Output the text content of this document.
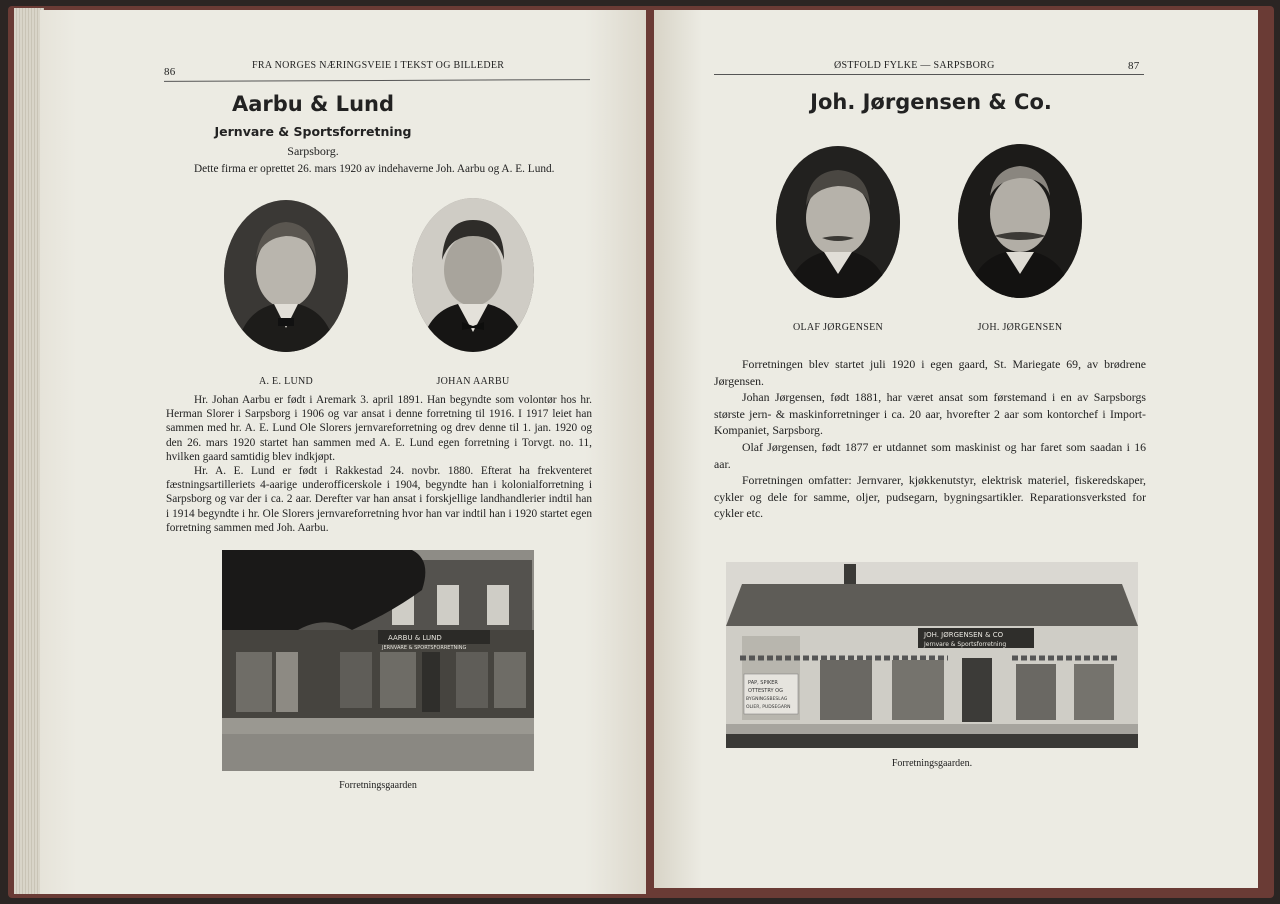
86
FRA NORGES NÆRINGSVEIE I TEKST OG BILLEDER
Aarbu & Lund
Jernvare & Sportsforretning
Sarpsborg.

Dette firma er oprettet 26. mars 1920 av indehaverne Joh. Aarbu og A. E. Lund.

A. E. LUND	JOHAN AARBU

Hr. Johan Aarbu er født i Aremark 3. april 1891. Han begyndte som volontør hos hr. Herman Slorer i Sarpsborg i 1906 og var ansat i denne forretning til 1916. I 1917 leiet han sammen med hr. A. E. Lund Ole Slorers jernvareforretning og drev denne til 1. jan. 1920 og den 26. mars 1920 startet han sammen med A. E. Lund egen forretning i Torvgt. no. 11, hvilken gaard samtidig blev indkjøpt.

Hr. A. E. Lund er født i Rakkestad 24. novbr. 1880. Efterat ha frekventeret fæstningsartilleriets 4-aarige underofficerskole i 1904, begyndte han i kolonialforretning i Sarpsborg og var der i ca. 2 aar. Derefter var han ansat i forskjellige landhandlerier indtil han i 1914 begyndte i hr. Ole Slorers jernvareforretning hvor han var indtil han i 1920 startet egen forretning sammen med Joh. Aarbu.

AARBU & LUND
JERNVARE & SPORTSFORRETNING
Forretningsgaarden
ØSTFOLD FYLKE — SARPSBORG	87
Joh. Jørgensen & Co.
OLAF JØRGENSEN	JOH. JØRGENSEN

Forretningen blev startet juli 1920 i egen gaard, St. Mariegate 69, av brødrene Jørgensen.

Johan Jørgensen, født 1881, har været ansat som førstemand i en av Sarpsborgs største jern- & maskinforretninger i ca. 20 aar, hvorefter 2 aar som kontorchef i Import-Kompaniet, Sarpsborg.

Olaf Jørgensen, født 1877 er utdannet som maskinist og har faret som saadan i 16 aar.

Forretningen omfatter: Jernvarer, kjøkkenutstyr, elektrisk materiel, fiskeredskaper, cykler og dele for samme, oljer, pudsegarn, bygningsartikler. Reparationsverksted for cykler etc.

JOH. JØRGENSEN & CO
Jernvare & Sportsforretning
PAP, SPIKER
OTTESTRY OG
BYGNINGSBESLAG
OLIER, PUDSEGARN
Forretningsgaarden.
